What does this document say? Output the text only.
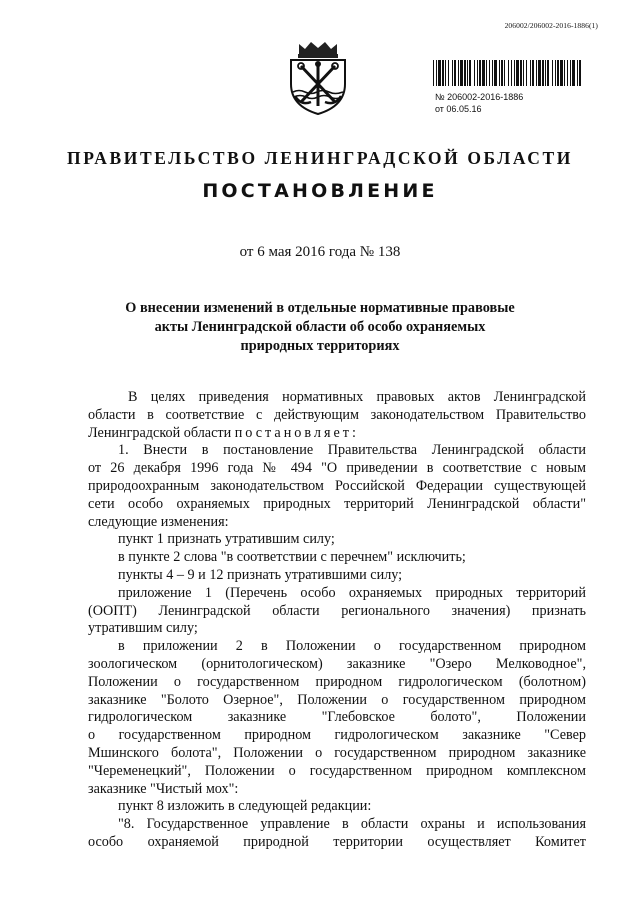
206002/206002-2016-1886(1)
№ 206002-2016-1886
от 06.05.16
ПРАВИТЕЛЬСТВО ЛЕНИНГРАДСКОЙ ОБЛАСТИ
ПОСТАНОВЛЕНИЕ
от 6 мая 2016 года № 138
О внесении изменений в отдельные нормативные правовые
акты Ленинградской области об особо охраняемых
природных территориях

В целях приведения нормативных правовых актов Ленинградской

области в соответствие с действующим законодательством Правительство

Ленинградской области постановляет:

1. Внести в постановление Правительства Ленинградской области

от 26 декабря 1996 года № 494 "О приведении в соответствие с новым

природоохранным законодательством Российской Федерации существующей

сети особо охраняемых природных территорий Ленинградской области"

следующие изменения:

пункт 1 признать утратившим силу;

в пункте 2 слова "в соответствии с перечнем" исключить;

пункты 4 – 9 и 12 признать утратившими силу;

приложение 1 (Перечень особо охраняемых природных территорий

(ООПТ) Ленинградской области регионального значения) признать

утратившим силу;

в приложении 2 в Положении о государственном природном

зоологическом (орнитологическом) заказнике "Озеро Мелководное",

Положении о государственном природном гидрологическом (болотном)

заказнике "Болото Озерное", Положении о государственном природном

гидрологическом заказнике "Глебовское болото", Положении

о государственном природном гидрологическом заказнике "Север

Мшинского болота", Положении о государственном природном заказнике

"Череменецкий", Положении о государственном природном комплексном

заказнике "Чистый мох":

пункт 8 изложить в следующей редакции:

"8. Государственное управление в области охраны и использования

особо охраняемой природной территории осуществляет Комитет
